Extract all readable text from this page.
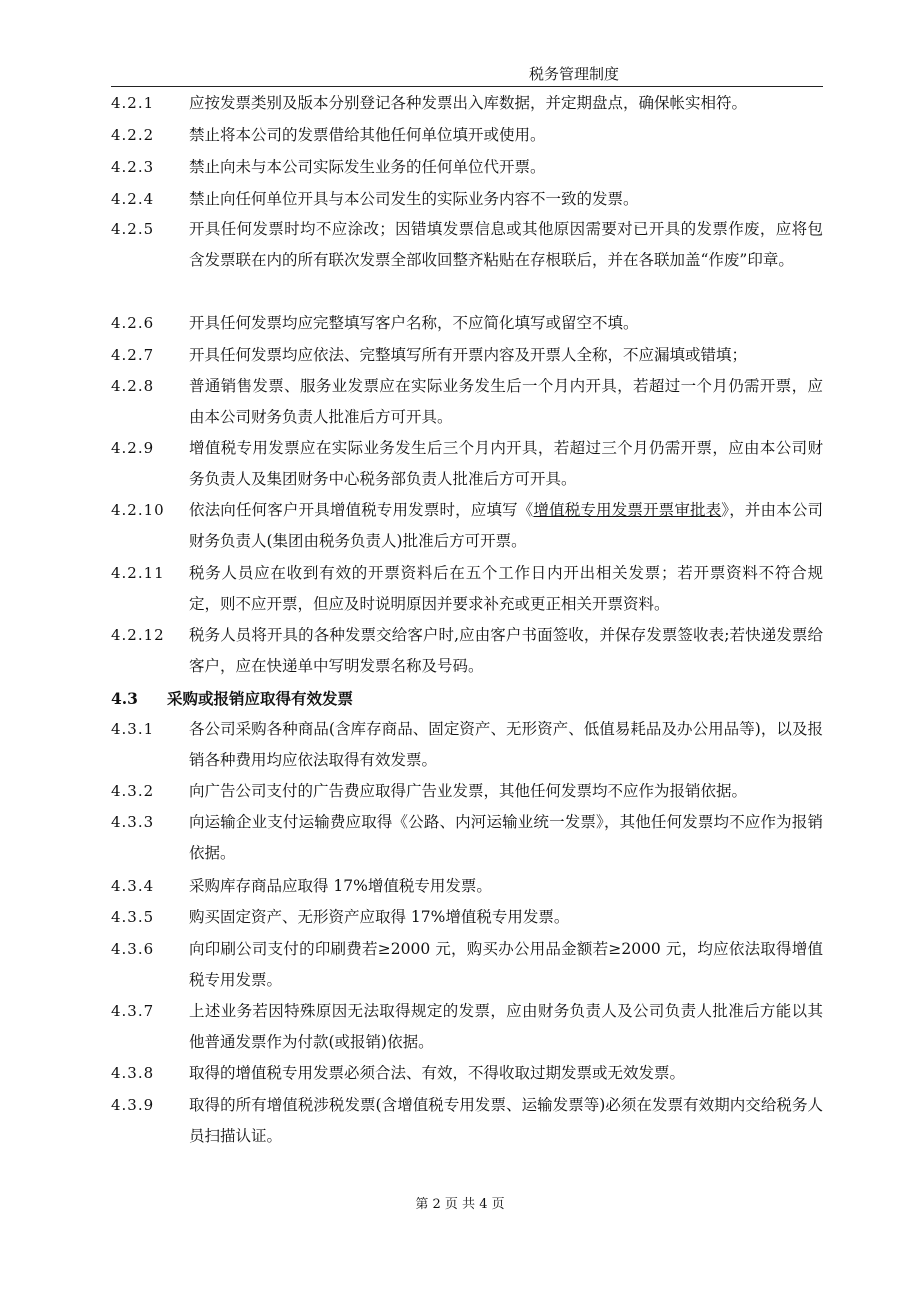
税务管理制度
4.2.1 应按发票类别及版本分别登记各种发票出入库数据，并定期盘点，确保帐实相符。
4.2.2 禁止将本公司的发票借给其他任何单位填开或使用。
4.2.3 禁止向未与本公司实际发生业务的任何单位代开票。
4.2.4 禁止向任何单位开具与本公司发生的实际业务内容不一致的发票。
4.2.5 开具任何发票时均不应涂改；因错填发票信息或其他原因需要对已开具的发票作废，应将包含发票联在内的所有联次发票全部收回整齐粘贴在存根联后，并在各联加盖“作废”印章。
4.2.6 开具任何发票均应完整填写客户名称，不应简化填写或留空不填。
4.2.7 开具任何发票均应依法、完整填写所有开票内容及开票人全称，不应漏填或错填；
4.2.8 普通销售发票、服务业发票应在实际业务发生后一个月内开具，若超过一个月仍需开票，应由本公司财务负责人批准后方可开具。
4.2.9 增值税专用发票应在实际业务发生后三个月内开具，若超过三个月仍需开票，应由本公司财务负责人及集团财务中心税务部负责人批准后方可开具。
4.2.10 依法向任何客户开具增值税专用发票时，应填写《增值税专用发票开票审批表》，并由本公司财务负责人(集团由税务负责人)批准后方可开票。
4.2.11 税务人员应在收到有效的开票资料后在五个工作日内开出相关发票；若开票资料不符合规定，则不应开票，但应及时说明原因并要求补充或更正相关开票资料。
4.2.12 税务人员将开具的各种发票交给客户时,应由客户书面签收，并保存发票签收表;若快递发票给客户，应在快递单中写明发票名称及号码。
4.3 采购或报销应取得有效发票
4.3.1 各公司采购各种商品(含库存商品、固定资产、无形资产、低值易耗品及办公用品等)，以及报销各种费用均应依法取得有效发票。
4.3.2 向广告公司支付的广告费应取得广告业发票，其他任何发票均不应作为报销依据。
4.3.3 向运输企业支付运输费应取得《公路、内河运输业统一发票》，其他任何发票均不应作为报销依据。
4.3.4 采购库存商品应取得 17%增值税专用发票。
4.3.5 购买固定资产、无形资产应取得 17%增值税专用发票。
4.3.6 向印刷公司支付的印刷费若≥2000 元，购买办公用品金额若≥2000 元，均应依法取得增值税专用发票。
4.3.7 上述业务若因特殊原因无法取得规定的发票，应由财务负责人及公司负责人批准后方能以其他普通发票作为付款(或报销)依据。
4.3.8 取得的增值税专用发票必须合法、有效，不得收取过期发票或无效发票。
4.3.9 取得的所有增值税涉税发票(含增值税专用发票、运输发票等)必须在发票有效期内交给税务人员扫描认证。
第 2 页 共 4 页
